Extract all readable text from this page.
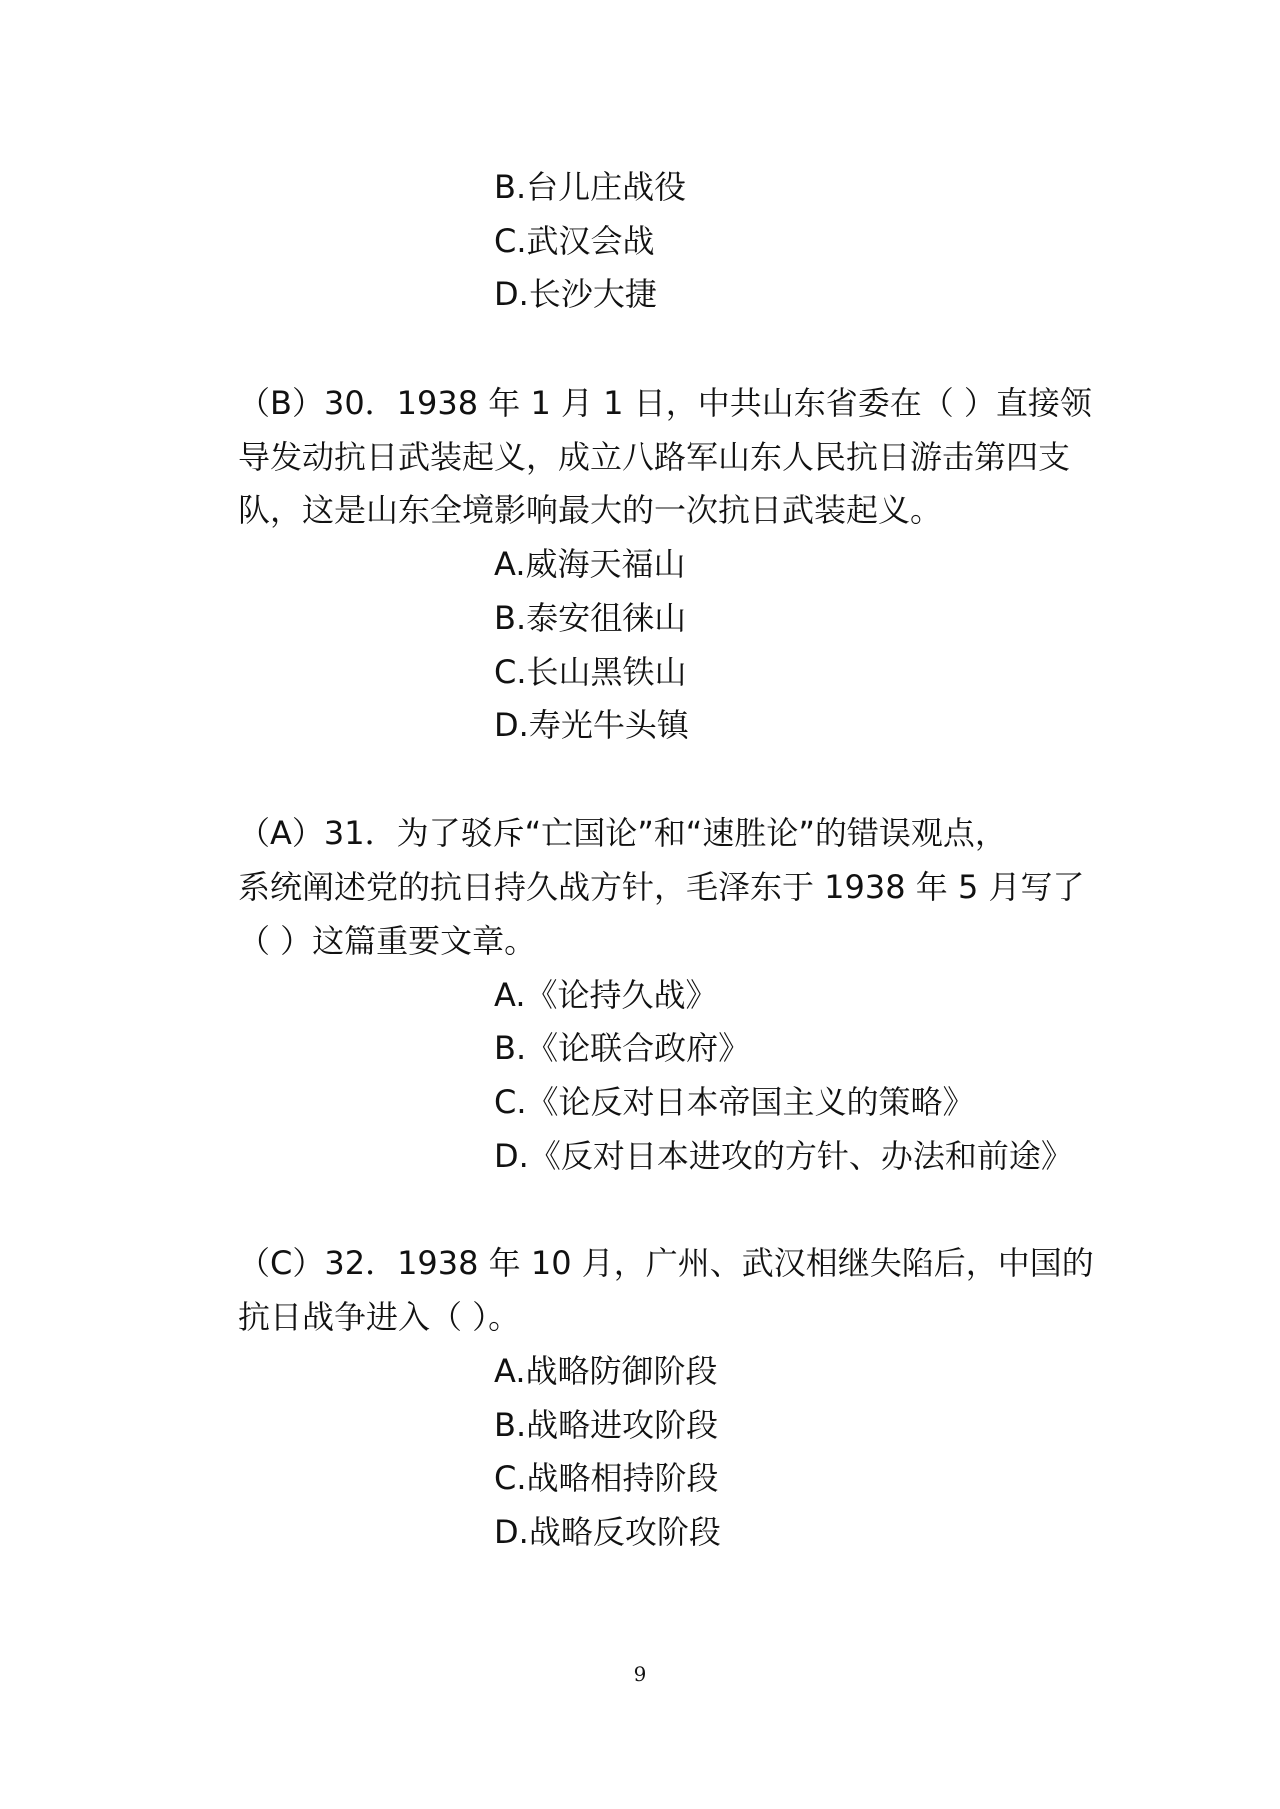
B.台儿庄战役
C.武汉会战
D.长沙大捷
（B）30．1938 年 1 月 1 日，中共山东省委在（ ）直接领
导发动抗日武装起义，成立八路军山东人民抗日游击第四支
队，这是山东全境影响最大的一次抗日武装起义。
A.威海天福山
B.泰安徂徕山
C.长山黑铁山
D.寿光牛头镇
（A）31．为了驳斥“亡国论”和“速胜论”的错误观点，
系统阐述党的抗日持久战方针，毛泽东于 1938 年 5 月写了
（ ）这篇重要文章。
A.《论持久战》
B.《论联合政府》
C.《论反对日本帝国主义的策略》
D.《反对日本进攻的方针、办法和前途》
（C）32．1938 年 10 月，广州、武汉相继失陷后，中国的
抗日战争进入（ ）。
A.战略防御阶段
B.战略进攻阶段
C.战略相持阶段
D.战略反攻阶段
9
